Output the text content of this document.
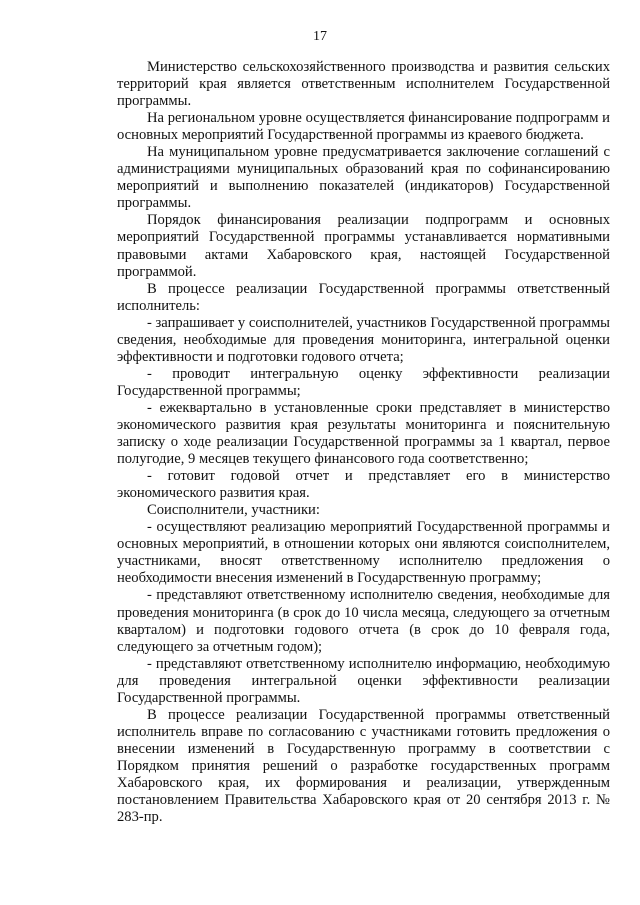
17

Министерство сельскохозяйственного производства и развития сельских территорий края является ответственным исполнителем Государственной программы.

На региональном уровне осуществляется финансирование подпрограмм и основных мероприятий Государственной программы из краевого бюджета.

На муниципальном уровне предусматривается заключение соглашений с администрациями муниципальных образований края по софинансированию мероприятий и выполнению показателей (индикаторов) Государственной программы.

Порядок финансирования реализации подпрограмм и основных мероприятий Государственной программы устанавливается нормативными правовыми актами Хабаровского края, настоящей Государственной программой.

В процессе реализации Государственной программы ответственный исполнитель:

- запрашивает у соисполнителей, участников Государственной программы сведения, необходимые для проведения мониторинга, интегральной оценки эффективности и подготовки годового отчета;

- проводит интегральную оценку эффективности реализации Государственной программы;

- ежеквартально в установленные сроки представляет в министерство экономического развития края результаты мониторинга и пояснительную записку о ходе реализации Государственной программы за 1 квартал, первое полугодие, 9 месяцев текущего финансового года соответственно;

- готовит годовой отчет и представляет его в министерство экономического развития края.

Соисполнители, участники:

- осуществляют реализацию мероприятий Государственной программы и основных мероприятий, в отношении которых они являются соисполнителем, участниками, вносят ответственному исполнителю предложения о необходимости внесения изменений в Государственную программу;

- представляют ответственному исполнителю сведения, необходимые для проведения мониторинга (в срок до 10 числа месяца, следующего за отчетным кварталом) и подготовки годового отчета (в срок до 10 февраля года, следующего за отчетным годом);

- представляют ответственному исполнителю информацию, необходимую для проведения интегральной оценки эффективности реализации Государственной программы.

В процессе реализации Государственной программы ответственный исполнитель вправе по согласованию с участниками готовить предложения о внесении изменений в Государственную программу в соответствии с Порядком принятия решений о разработке государственных программ Хабаровского края, их формирования и реализации, утвержденным постановлением Правительства Хабаровского края от 20 сентября 2013 г. № 283-пр.
